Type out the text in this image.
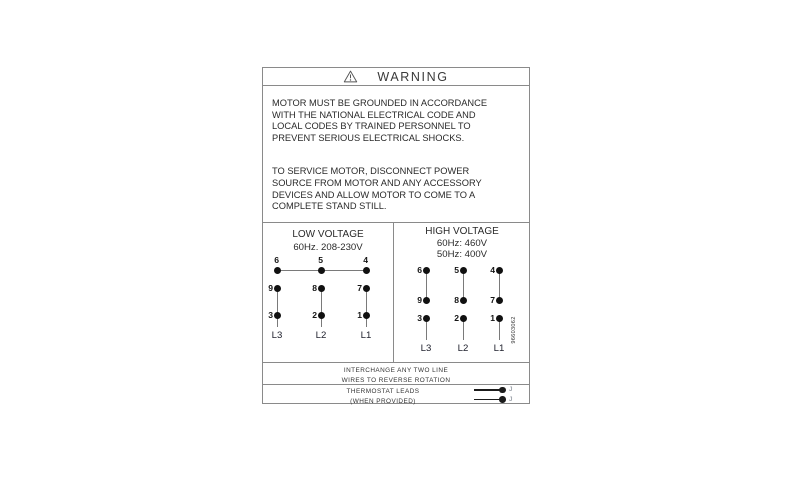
WARNING
MOTOR MUST BE GROUNDED IN ACCORDANCE
WITH THE NATIONAL ELECTRICAL CODE AND
LOCAL CODES BY TRAINED PERSONNEL TO
PREVENT SERIOUS ELECTRICAL SHOCKS.
TO SERVICE MOTOR, DISCONNECT POWER
SOURCE FROM MOTOR AND ANY ACCESSORY
DEVICES AND ALLOW MOTOR TO COME TO A
COMPLETE STAND STILL.
LOW VOLTAGE
60Hz. 208-230V
6	5	4
9	8	7
3	2	1
L3	L2	L1
HIGH VOLTAGE
60Hz: 460V
50Hz: 400V
6	5	4
9	8	7
3	2	1
L3	L2	L1
96603062
INTERCHANGE ANY TWO LINE
WIRES TO REVERSE ROTATION
THERMOSTAT LEADS
(WHEN PROVIDED)
J
J
